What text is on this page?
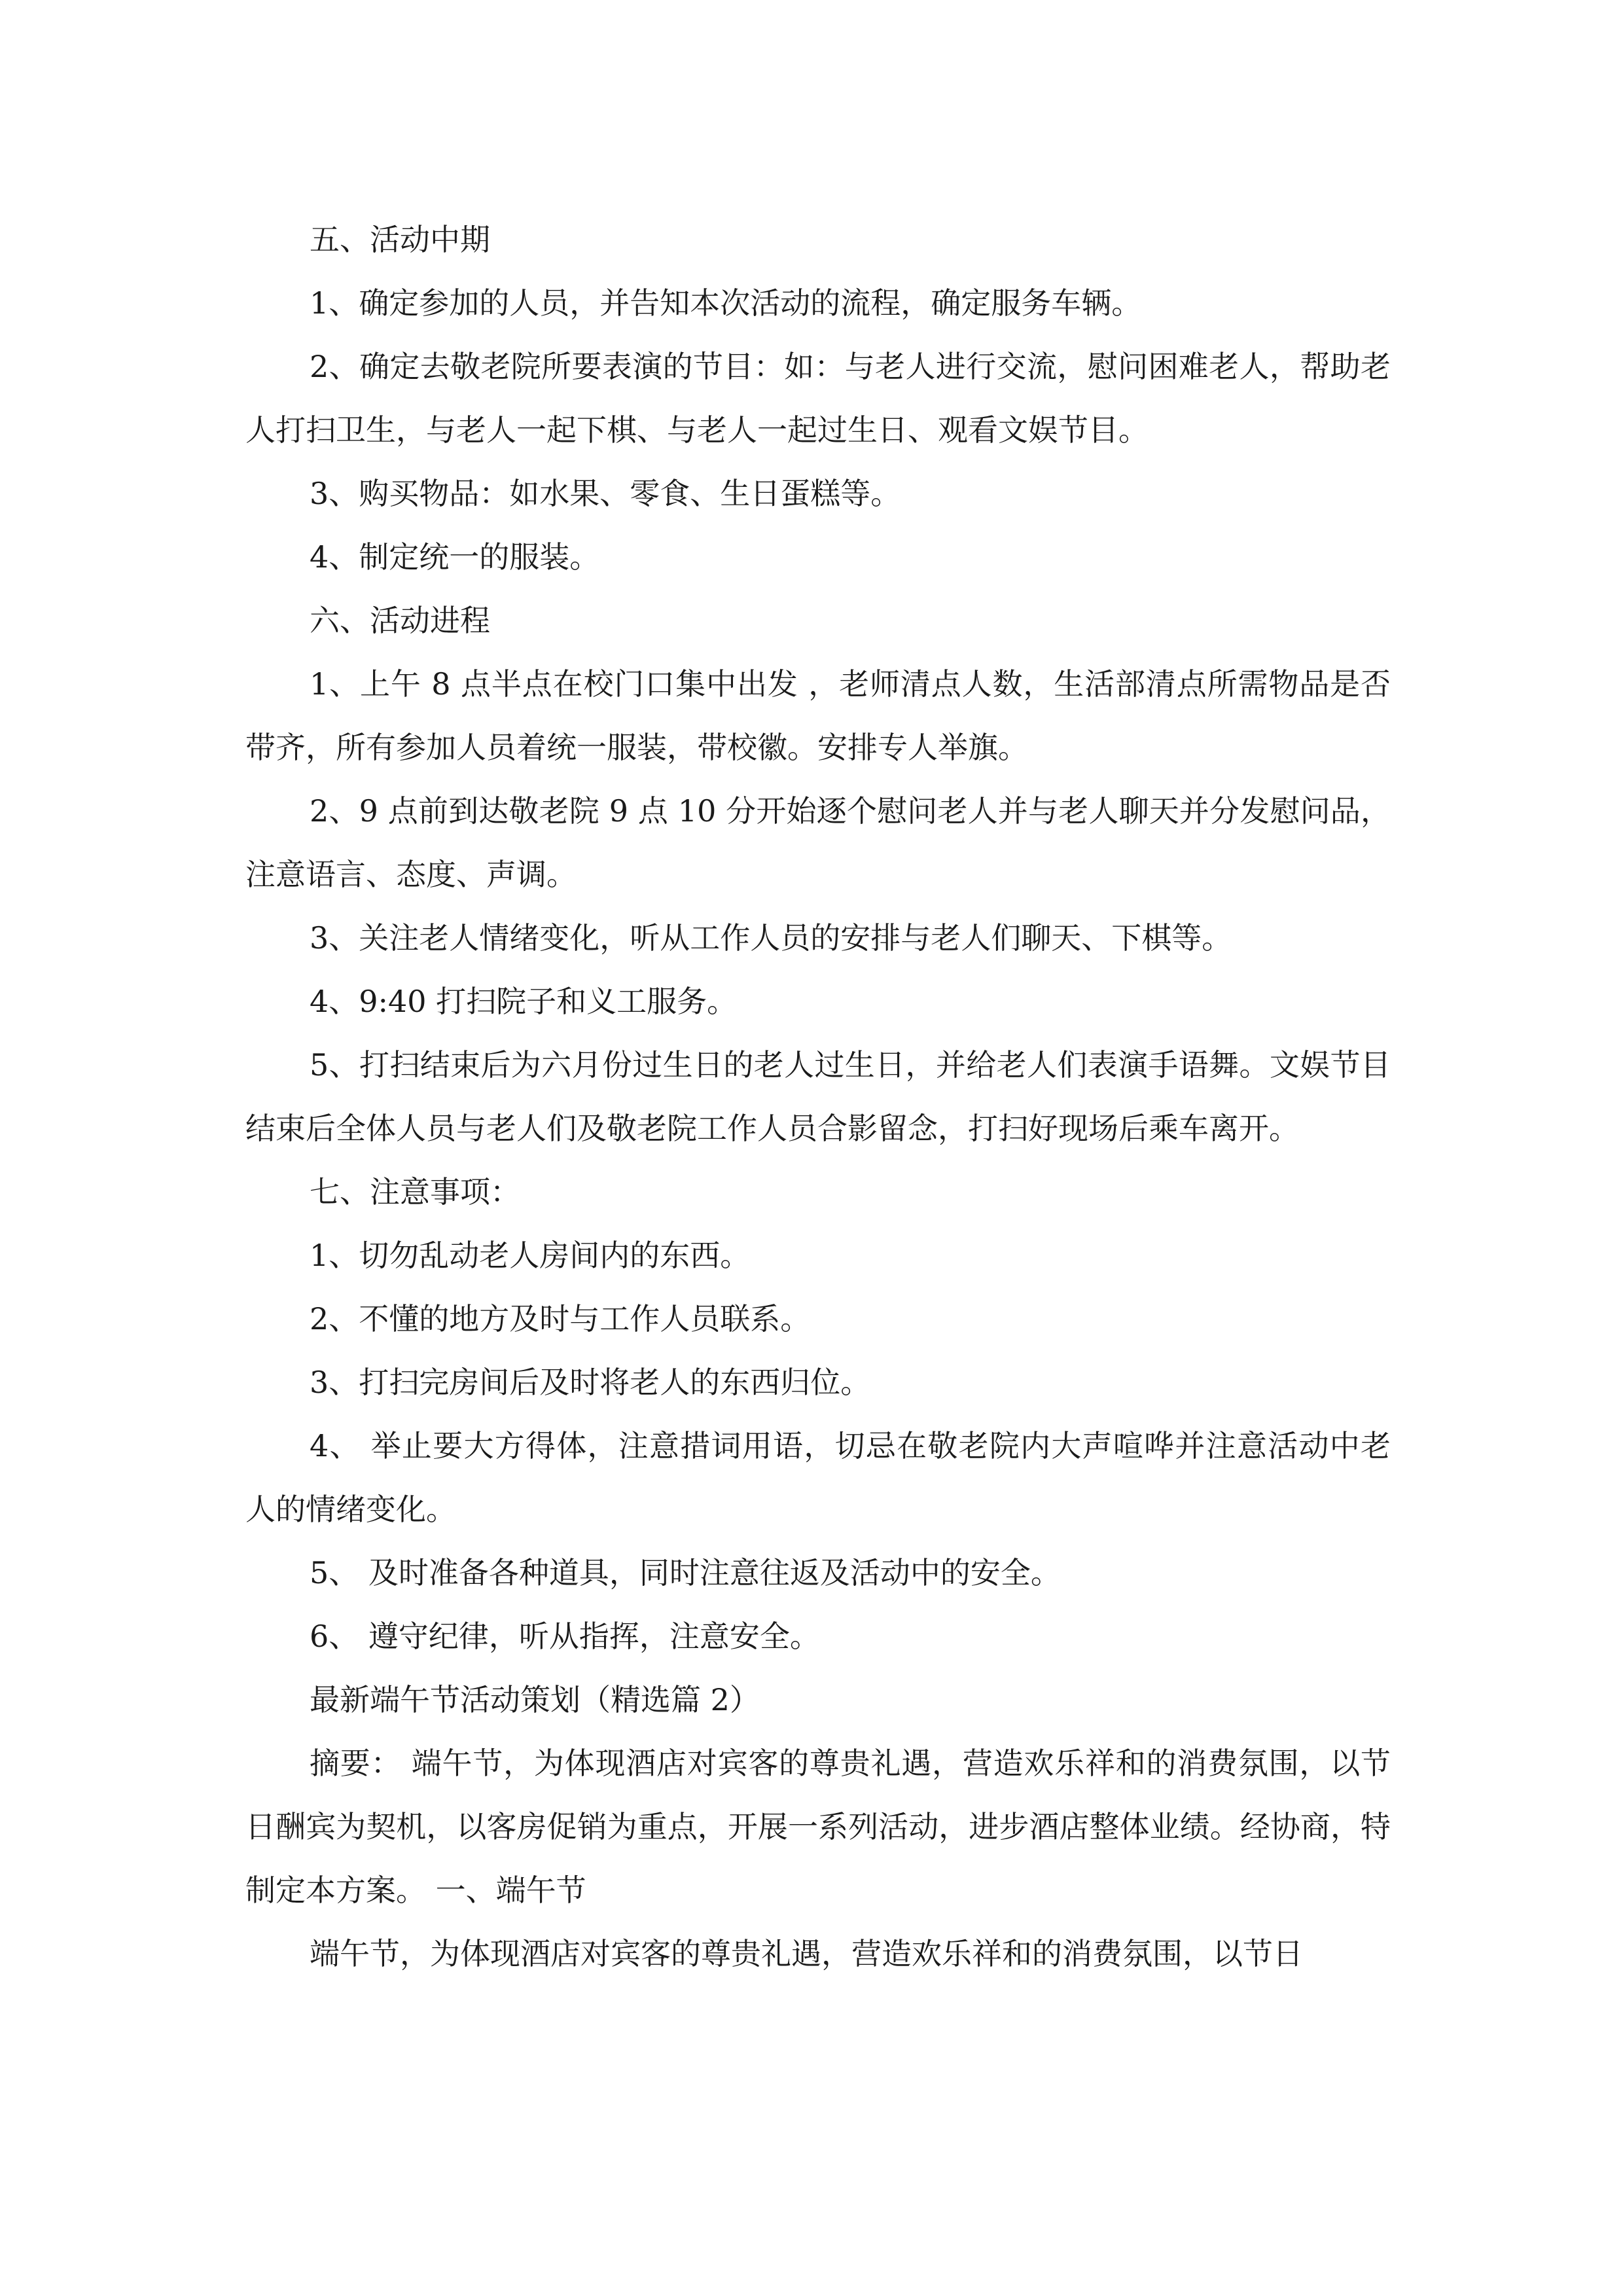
五、活动中期

1、确定参加的人员，并告知本次活动的流程，确定服务车辆。

2、确定去敬老院所要表演的节目：如：与老人进行交流，慰问困难老人，帮助老人打扫卫生，与老人一起下棋、与老人一起过生日、观看文娱节目。

3、购买物品：如水果、零食、生日蛋糕等。

4、制定统一的服装。

六、活动进程

1、上午 8 点半点在校门口集中出发 ，老师清点人数，生活部清点所需物品是否带齐，所有参加人员着统一服装，带校徽。安排专人举旗。

2、9 点前到达敬老院 9 点 10 分开始逐个慰问老人并与老人聊天并分发慰问品，注意语言、态度、声调。

3、关注老人情绪变化，听从工作人员的安排与老人们聊天、下棋等。

4、9:40 打扫院子和义工服务。

5、打扫结束后为六月份过生日的老人过生日，并给老人们表演手语舞。文娱节目结束后全体人员与老人们及敬老院工作人员合影留念，打扫好现场后乘车离开。

七、注意事项：

1、切勿乱动老人房间内的东西。

2、不懂的地方及时与工作人员联系。

3、打扫完房间后及时将老人的东西归位。

4、 举止要大方得体，注意措词用语，切忌在敬老院内大声喧哗并注意活动中老人的情绪变化。

5、 及时准备各种道具，同时注意往返及活动中的安全。

6、 遵守纪律，听从指挥，注意安全。

最新端午节活动策划（精选篇 2）

摘要： 端午节，为体现酒店对宾客的尊贵礼遇，营造欢乐祥和的消费氛围，以节日酬宾为契机，以客房促销为重点，开展一系列活动，进步酒店整体业绩。经协商，特制定本方案。 一、端午节

端午节，为体现酒店对宾客的尊贵礼遇，营造欢乐祥和的消费氛围，以节日
